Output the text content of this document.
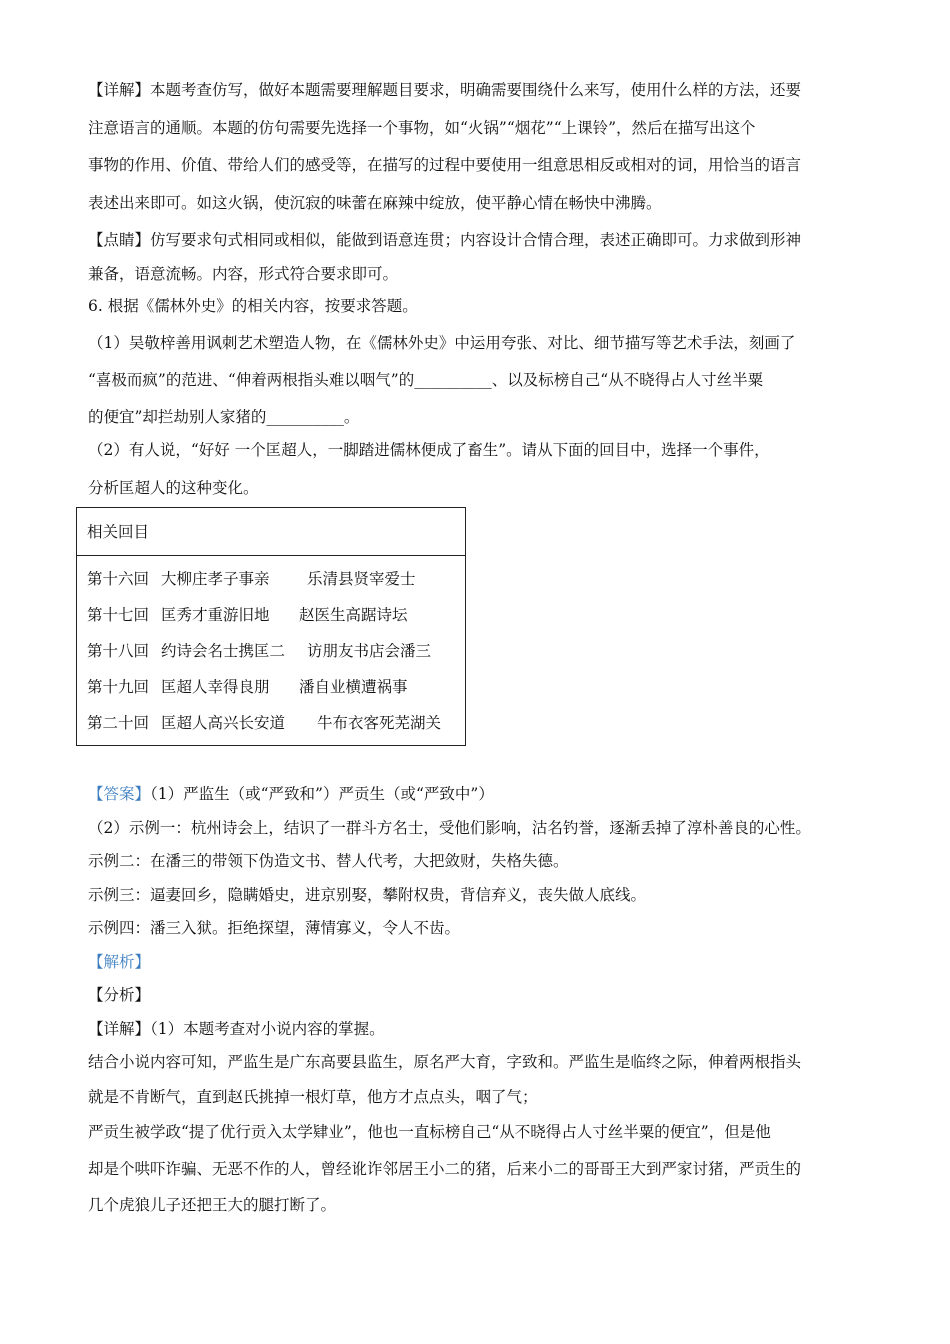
【详解】本题考查仿写，做好本题需要理解题目要求，明确需要围绕什么来写，使用什么样的方法，还要
注意语言的通顺。本题的仿句需要先选择一个事物，如“火锅”“烟花”“上课铃”，然后在描写出这个
事物的作用、价值、带给人们的感受等，在描写的过程中要使用一组意思相反或相对的词，用恰当的语言
表述出来即可。如这火锅，使沉寂的味蕾在麻辣中绽放，使平静心情在畅快中沸腾。
【点睛】仿写要求句式相同或相似，能做到语意连贯；内容设计合情合理，表述正确即可。力求做到形神
兼备，语意流畅。内容，形式符合要求即可。
6. 根据《儒林外史》的相关内容，按要求答题。
（1）吴敬梓善用讽刺艺术塑造人物，在《儒林外史》中运用夸张、对比、细节描写等艺术手法，刻画了
“喜极而疯”的范进、“伸着两根指头难以咽气”的__________、以及标榜自己“从不晓得占人寸丝半粟
的便宜”却拦劫别人家猪的__________。
（2）有人说，“好好 一个匡超人，一脚踏进儒林便成了畜生”。请从下面的回目中，选择一个事件，
分析匡超人的这种变化。
相关回目
第十六回 大柳庄孝子事亲 乐清县贤宰爱士
第十七回 匡秀才重游旧地 赵医生高踞诗坛
第十八回 约诗会名士携匡二 访朋友书店会潘三
第十九回 匡超人幸得良朋 潘自业横遭祸事
第二十回 匡超人高兴长安道 牛布衣客死芜湖关
【答案】（1）严监生（或“严致和”）严贡生（或“严致中”）
（2）示例一：杭州诗会上，结识了一群斗方名士，受他们影响，沽名钓誉，逐渐丢掉了淳朴善良的心性。
示例二：在潘三的带领下伪造文书、替人代考，大把敛财，失格失德。
示例三：逼妻回乡，隐瞒婚史，进京别娶，攀附权贵，背信弃义，丧失做人底线。
示例四：潘三入狱。拒绝探望，薄情寡义，令人不齿。
【解析】
【分析】
【详解】（1）本题考查对小说内容的掌握。
结合小说内容可知，严监生是广东高要县监生，原名严大育，字致和。严监生是临终之际，伸着两根指头
就是不肯断气，直到赵氏挑掉一根灯草，他方才点点头，咽了气；
严贡生被学政“提了优行贡入太学肄业”，他也一直标榜自己“从不晓得占人寸丝半粟的便宜”，但是他
却是个哄吓诈骗、无恶不作的人，曾经讹诈邻居王小二的猪，后来小二的哥哥王大到严家讨猪，严贡生的
几个虎狼儿子还把王大的腿打断了。
